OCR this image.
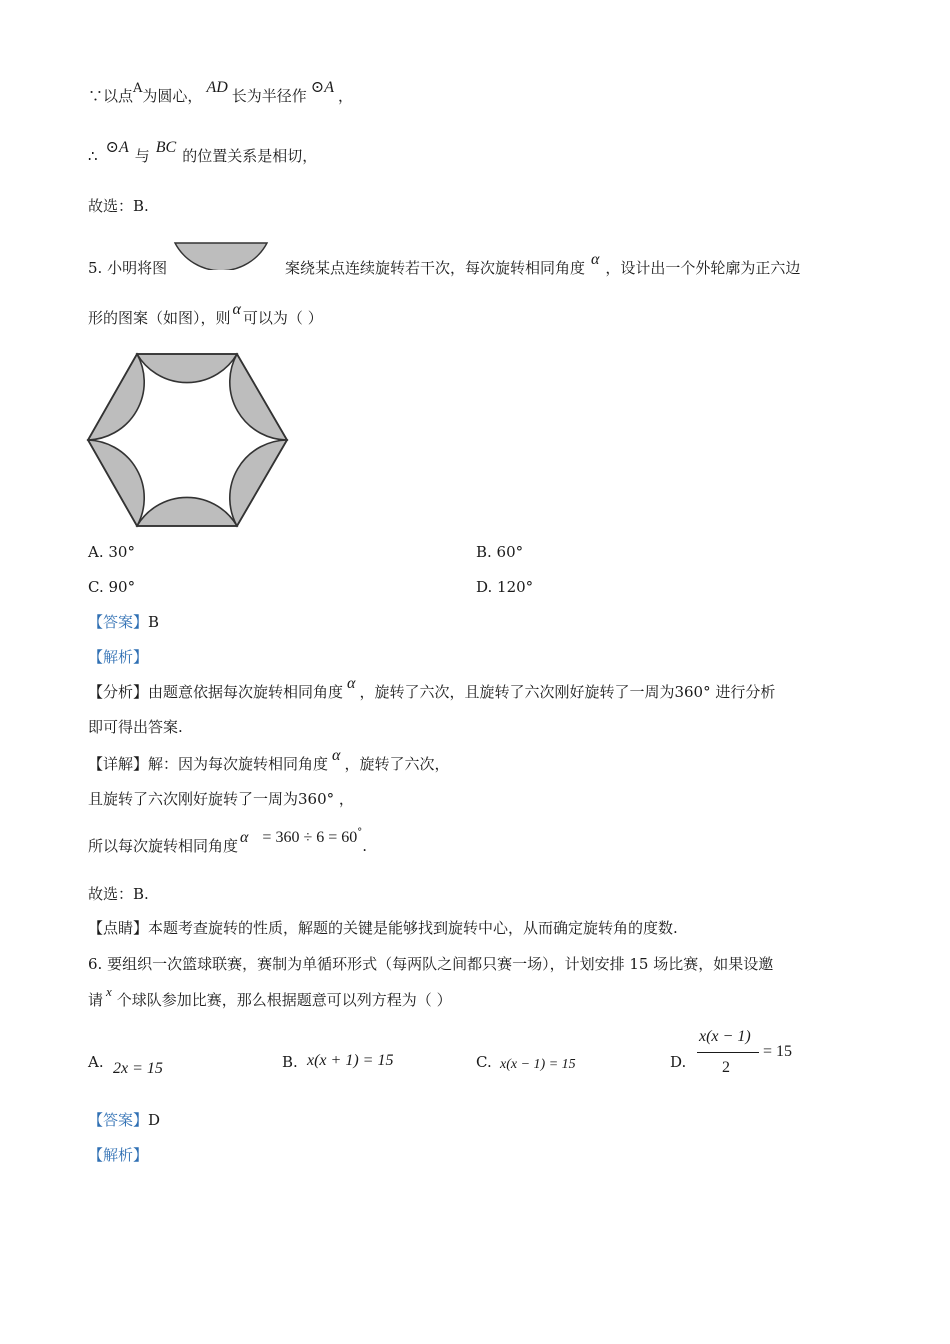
∵以点A为圆心， AD 长为半径作 ⊙A ，
∴ ⊙A 与 BC 的位置关系是相切，
故选：B.
5. 小明将图	案绕某点连续旋转若干次，每次旋转相同角度 α ，设计出一个外轮廓为正六边
形的图案（如图），则 α 可以为（ ）
A. 30°	B. 60°
C. 90°	D. 120°
【答案】B
【解析】
【分析】由题意依据每次旋转相同角度 α ，旋转了六次，且旋转了六次刚好旋转了一周为360° 进行分析
即可得出答案.
【详解】解：因为每次旋转相同角度 α ，旋转了六次，
且旋转了六次刚好旋转了一周为360° ，
所以每次旋转相同角度 α = 360 ÷ 6 = 60°.
故选：B.
【点睛】本题考查旋转的性质，解题的关键是能够找到旋转中心，从而确定旋转角的度数.
6. 要组织一次篮球联赛，赛制为单循环形式（每两队之间都只赛一场），计划安排 15 场比赛，如果设邀
请 x 个球队参加比赛，那么根据题意可以列方程为（ ）
A. 2x = 15	B. x(x + 1) = 15	C. x(x − 1) = 15	D.
x(x − 1)
2
= 15
【答案】D
【解析】
